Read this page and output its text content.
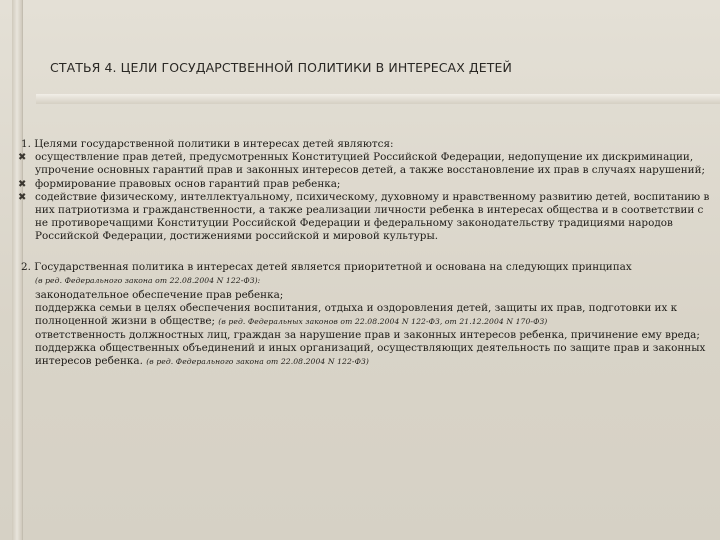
СТАТЬЯ 4. ЦЕЛИ ГОСУДАРСТВЕННОЙ ПОЛИТИКИ В ИНТЕРЕСАХ ДЕТЕЙ
1. Целями государственной политики в интересах детей являются:
✖ осуществление прав детей, предусмотренных Конституцией Российской Федерации, недопущение их дискриминации, упрочение основных гарантий прав и законных интересов детей, а также восстановление их прав в случаях нарушений;
✖ формирование правовых основ гарантий прав ребенка;
✖ содействие физическому, интеллектуальному, психическому, духовному и нравственному развитию детей, воспитанию в них патриотизма и гражданственности, а также реализации личности ребенка в интересах общества и в соответствии с не противоречащими Конституции Российской Федерации и федеральному законодательству традициями народов Российской Федерации, достижениями российской и мировой культуры.
2. Государственная политика в интересах детей является приоритетной и основана на следующих принципах
(в ред. Федерального закона от 22.08.2004 N 122-ФЗ):
законодательное обеспечение прав ребенка;
поддержка семьи в целях обеспечения воспитания, отдыха и оздоровления детей, защиты их прав, подготовки их к полноценной жизни в обществе; (в ред. Федеральных законов от 22.08.2004 N 122-ФЗ, от 21.12.2004 N 170-ФЗ)
ответственность должностных лиц, граждан за нарушение прав и законных интересов ребенка, причинение ему вреда;
поддержка общественных объединений и иных организаций, осуществляющих деятельность по защите прав и законных интересов ребенка. (в ред. Федерального закона от 22.08.2004 N 122-ФЗ)
